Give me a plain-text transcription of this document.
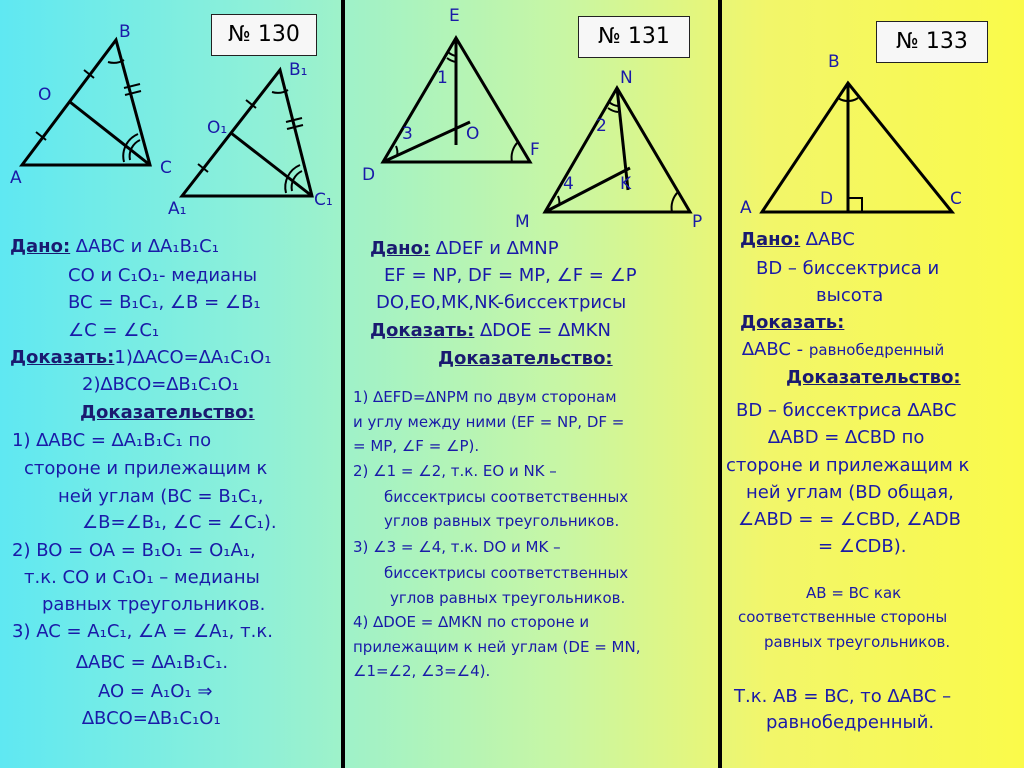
№ 130
B
O
A	C
B₁
O₁
A₁	C₁
Дано: ∆ABC и ∆A₁B₁C₁
CO и C₁O₁- медианы
BC = B₁C₁, ∠B = ∠B₁
∠C = ∠C₁
Доказать:1)∆ACO=∆A₁C₁O₁
2)∆BCO=∆B₁C₁O₁
Доказательство:
1) ∆ABC = ∆A₁B₁C₁ по
стороне и прилежащим к
ней углам (BC = B₁C₁,
∠B=∠B₁, ∠C = ∠C₁).
2) BO = OA = B₁O₁ = O₁A₁,
т.к. CO и C₁O₁ – медианы
равных треугольников.
3) AC = A₁C₁, ∠A = ∠A₁, т.к.
∆ABC = ∆A₁B₁C₁.
AO = A₁O₁ ⇒
∆BCO=∆B₁C₁O₁
№ 131
E
1
3	O
D
F
N
2
4	K
M	P
Дано: ∆DEF и ∆MNP
EF = NP, DF = MP, ∠F = ∠P
DO,EO,MK,NK-биссектрисы
Доказать: ∆DOE = ∆MKN
Доказательство:
1) ∆EFD=∆NPM по двум сторонам
и углу между ними (EF = NP, DF =
= MP, ∠F = ∠P).
2) ∠1 = ∠2, т.к. EO и NK –
биссектрисы соответственных
углов равных треугольников.
3) ∠3 = ∠4, т.к. DO и MK –
биссектрисы соответственных
углов равных треугольников.
4) ∆DOE = ∆MKN по стороне и
прилежащим к ней углам (DE = MN,
∠1=∠2, ∠3=∠4).
№ 133
B
A	D	C
Дано: ∆ABC
BD – биссектриса и
высота
Доказать:
∆ABC - равнобедренный
Доказательство:
BD – биссектриса ∆ABC
∆ABD = ∆CBD по
стороне и прилежащим к
ней углам (BD общая,
∠ABD = = ∠CBD, ∠ADB
= ∠CDB).
AB = BC как
соответственные стороны
равных треугольников.
Т.к. AB = BC, то ∆ABC –
равнобедренный.
